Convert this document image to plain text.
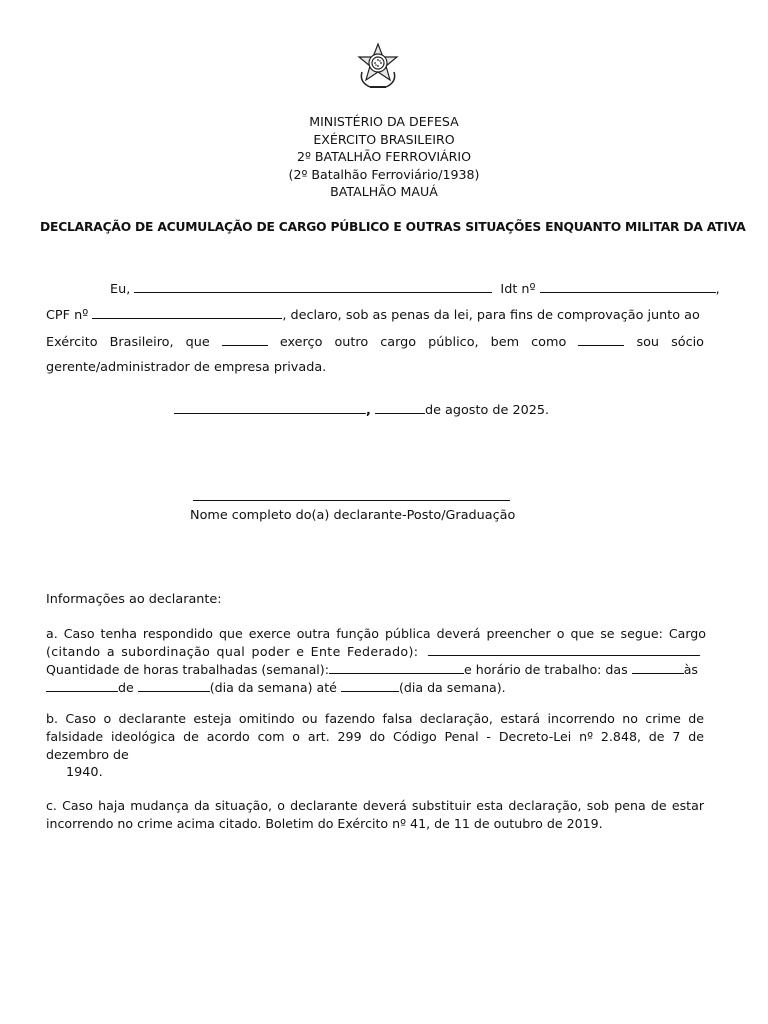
MINISTÉRIO DA DEFESA
EXÉRCITO BRASILEIRO
2º BATALHÃO FERROVIÁRIO
(2º Batalhão Ferroviário/1938)
BATALHÃO MAUÁ
DECLARAÇÃO DE ACUMULAÇÃO DE CARGO PÚBLICO E OUTRAS SITUAÇÕES ENQUANTO MILITAR DA ATIVA
Eu,	Idt nº	,
CPF nº	, declaro, sob as penas da lei, para fins de comprovação junto ao
Exército Brasileiro, que	exerço outro cargo público, bem como	sou sócio
gerente/administrador de empresa privada.
,	de agosto de 2025.
Nome completo do(a) declarante-Posto/Graduação
Informações ao declarante:
a. Caso tenha respondido que exerce outra função pública deverá preencher o que se segue: Cargo
(citando a subordinação qual poder e Ente Federado):
Quantidade de horas trabalhadas (semanal):	e horário de trabalho: das	às
de	(dia da semana) até	(dia da semana).
b. Caso o declarante esteja omitindo ou fazendo falsa declaração, estará incorrendo no crime de falsidade ideológica de acordo com o art. 299 do Código Penal - Decreto-Lei nº 2.848, de 7 de dezembro de
1940.
c. Caso haja mudança da situação, o declarante deverá substituir esta declaração, sob pena de estar incorrendo no crime acima citado. Boletim do Exército nº 41, de 11 de outubro de 2019.
